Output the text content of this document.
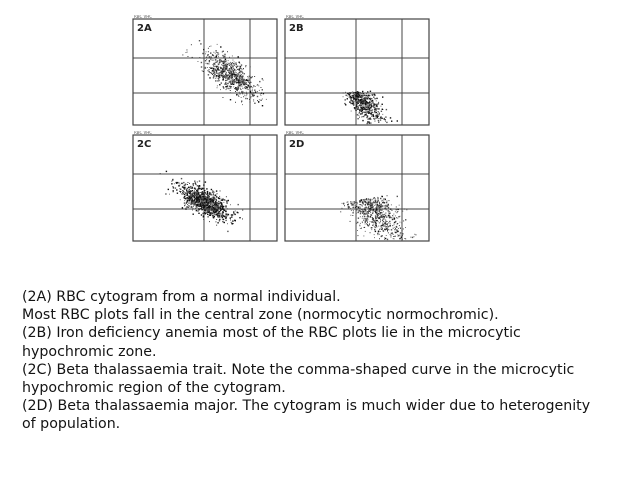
RBC VHC
2A
RBC VHC
2B
RBC VHC
2C
RBC VHC
2D
(2A) RBC cytogram from a normal individual.
Most RBC plots fall in the central zone (normocytic normochromic).
(2B) Iron deficiency anemia most of the RBC plots lie in the microcytic
hypochromic zone.
(2C) Beta thalassaemia trait. Note the comma-shaped curve in the microcytic
hypochromic region of the cytogram.
(2D) Beta thalassaemia major. The cytogram is much wider due to heterogenity
of population.
